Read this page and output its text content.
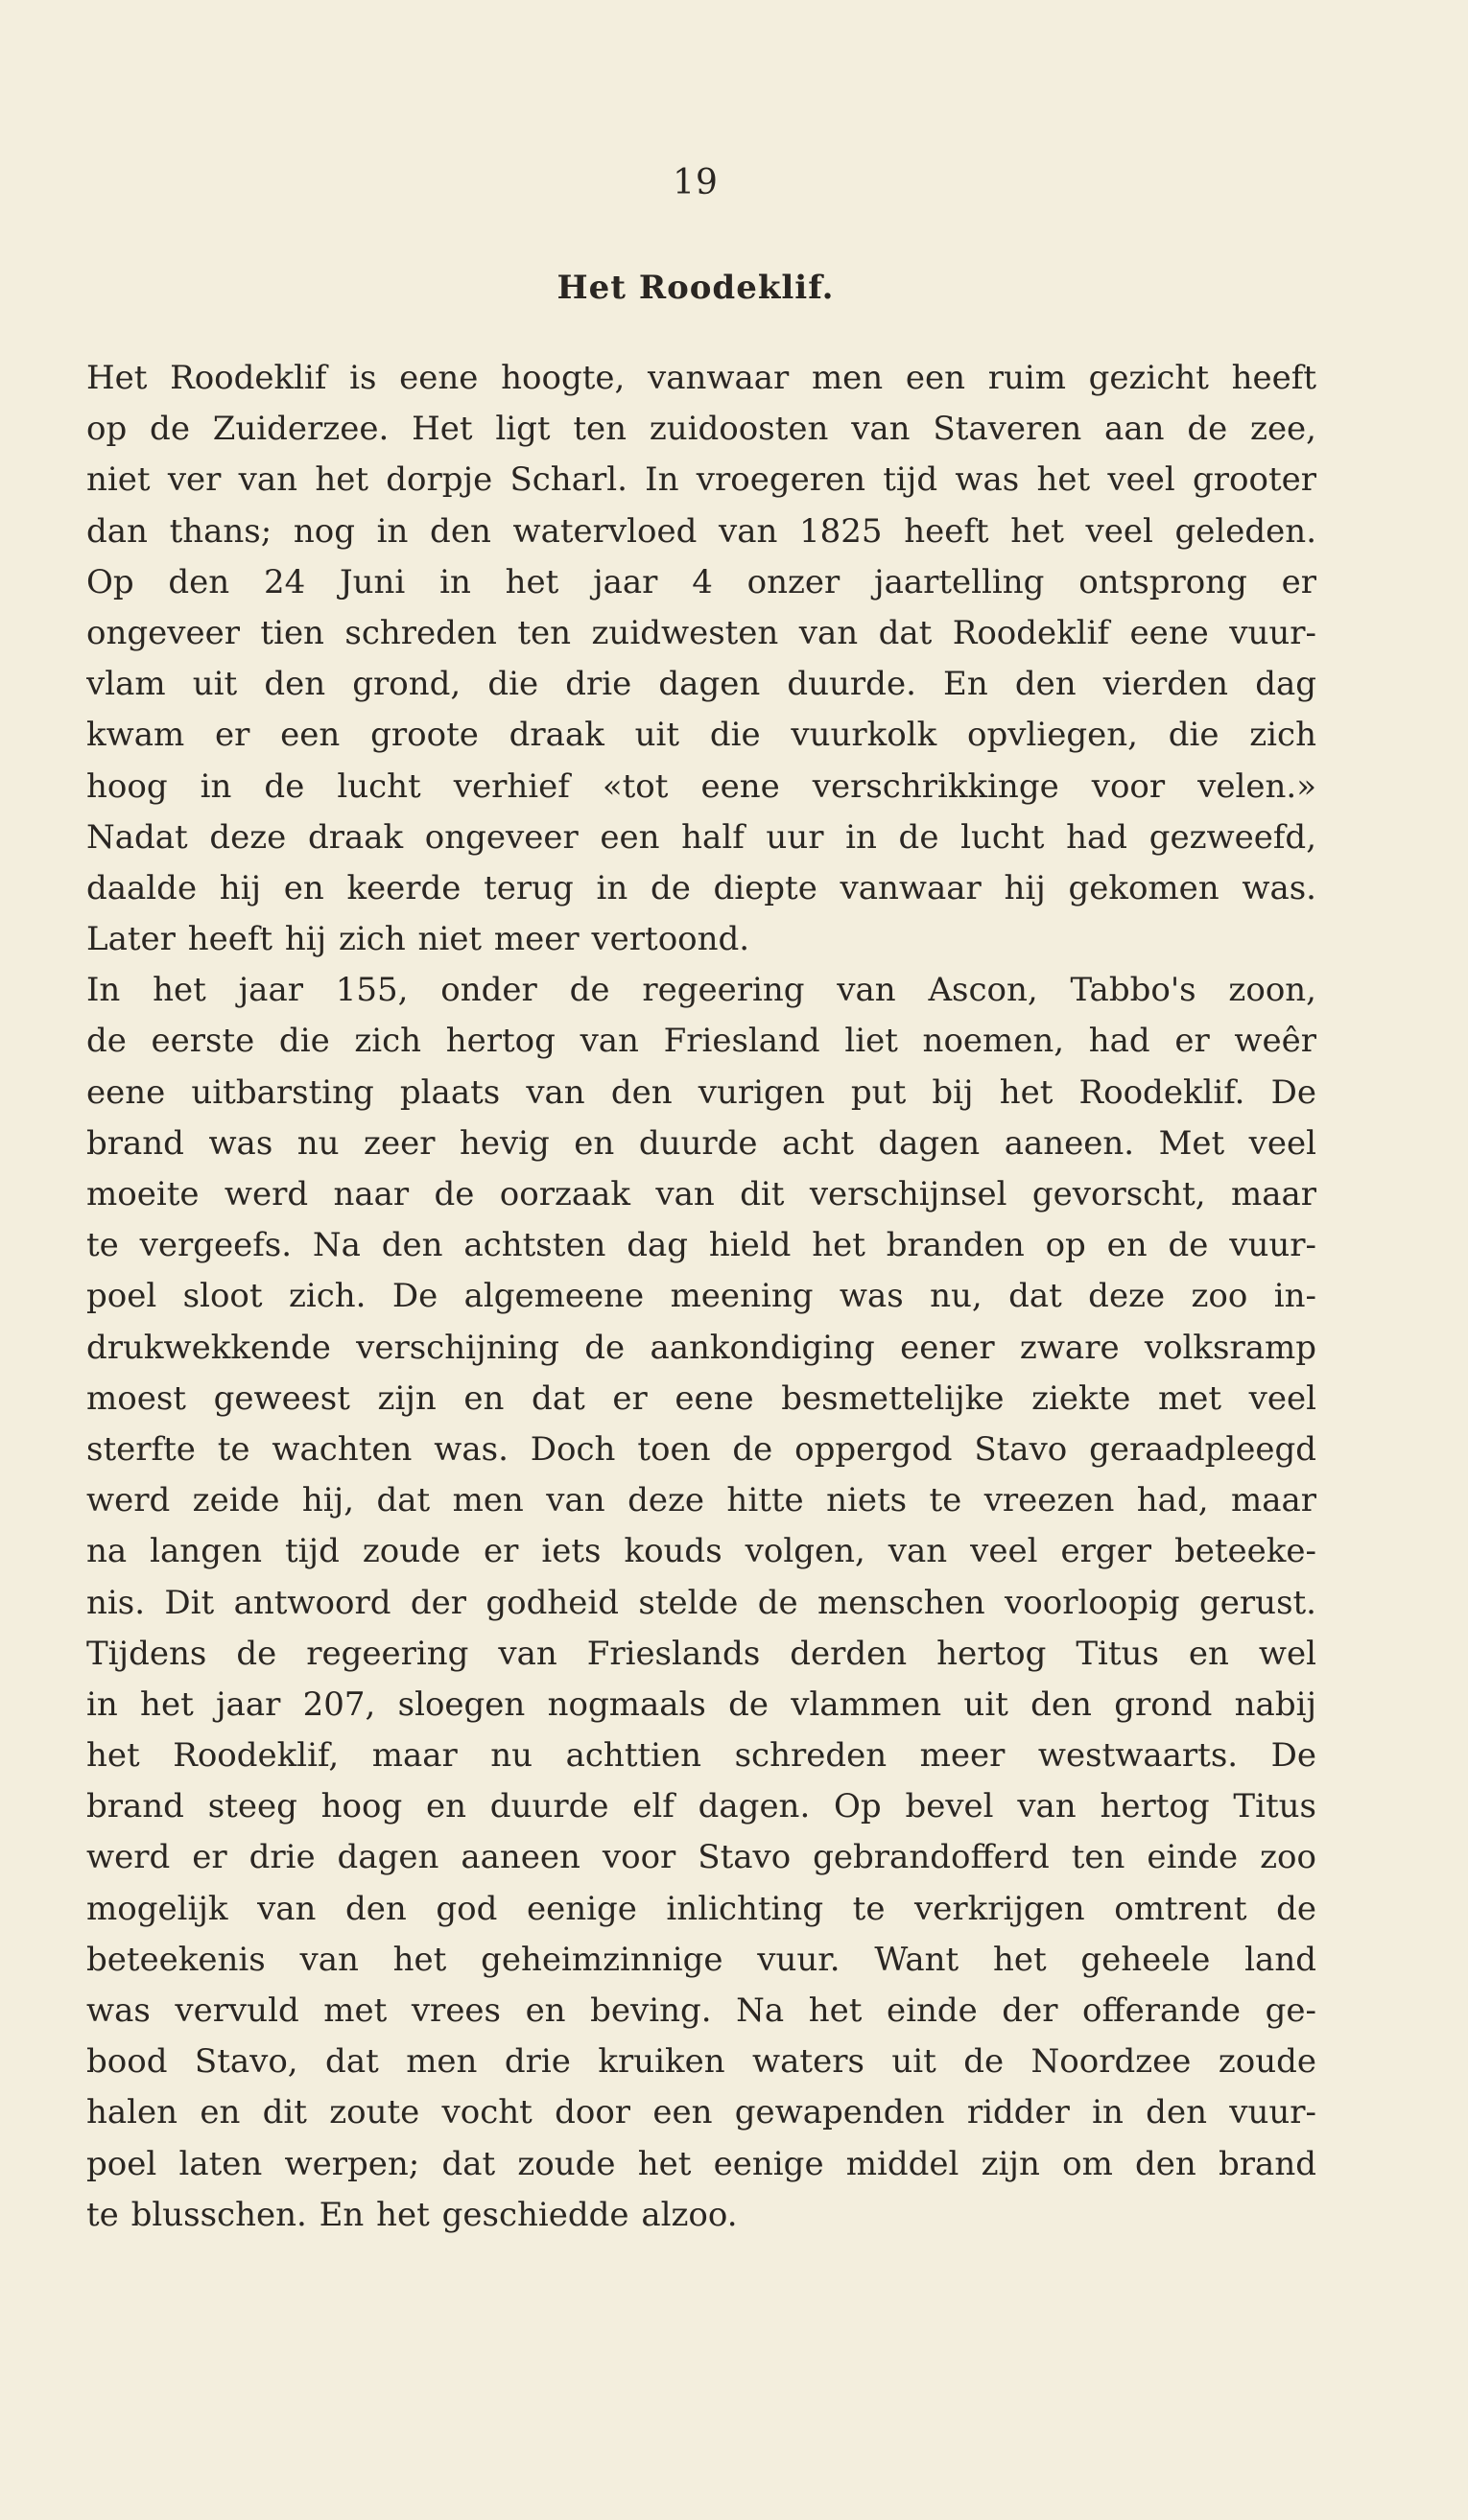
19
Het Roodeklif.
Het Roodeklif is eene hoogte, vanwaar men een ruim gezicht heeft
op de Zuiderzee. Het ligt ten zuidoosten van Staveren aan de zee,
niet ver van het dorpje Scharl. In vroegeren tijd was het veel grooter
dan thans; nog in den watervloed van 1825 heeft het veel geleden.
Op den 24 Juni in het jaar 4 onzer jaartelling ontsprong er
ongeveer tien schreden ten zuidwesten van dat Roodeklif eene vuur-
vlam uit den grond, die drie dagen duurde. En den vierden dag
kwam er een groote draak uit die vuurkolk opvliegen, die zich
hoog in de lucht verhief «tot eene verschrikkinge voor velen.»
Nadat deze draak ongeveer een half uur in de lucht had gezweefd,
daalde hij en keerde terug in de diepte vanwaar hij gekomen was.
Later heeft hij zich niet meer vertoond.
In het jaar 155, onder de regeering van Ascon, Tabbo's zoon,
de eerste die zich hertog van Friesland liet noemen, had er weêr
eene uitbarsting plaats van den vurigen put bij het Roodeklif. De
brand was nu zeer hevig en duurde acht dagen aaneen. Met veel
moeite werd naar de oorzaak van dit verschijnsel gevorscht, maar
te vergeefs. Na den achtsten dag hield het branden op en de vuur-
poel sloot zich. De algemeene meening was nu, dat deze zoo in-
drukwekkende verschijning de aankondiging eener zware volksramp
moest geweest zijn en dat er eene besmettelijke ziekte met veel
sterfte te wachten was. Doch toen de oppergod Stavo geraadpleegd
werd zeide hij, dat men van deze hitte niets te vreezen had, maar
na langen tijd zoude er iets kouds volgen, van veel erger beteeke-
nis. Dit antwoord der godheid stelde de menschen voorloopig gerust.
Tijdens de regeering van Frieslands derden hertog Titus en wel
in het jaar 207, sloegen nogmaals de vlammen uit den grond nabij
het Roodeklif, maar nu achttien schreden meer westwaarts. De
brand steeg hoog en duurde elf dagen. Op bevel van hertog Titus
werd er drie dagen aaneen voor Stavo gebrandofferd ten einde zoo
mogelijk van den god eenige inlichting te verkrijgen omtrent de
beteekenis van het geheimzinnige vuur. Want het geheele land
was vervuld met vrees en beving. Na het einde der offerande ge-
bood Stavo, dat men drie kruiken waters uit de Noordzee zoude
halen en dit zoute vocht door een gewapenden ridder in den vuur-
poel laten werpen; dat zoude het eenige middel zijn om den brand
te blusschen. En het geschiedde alzoo.
